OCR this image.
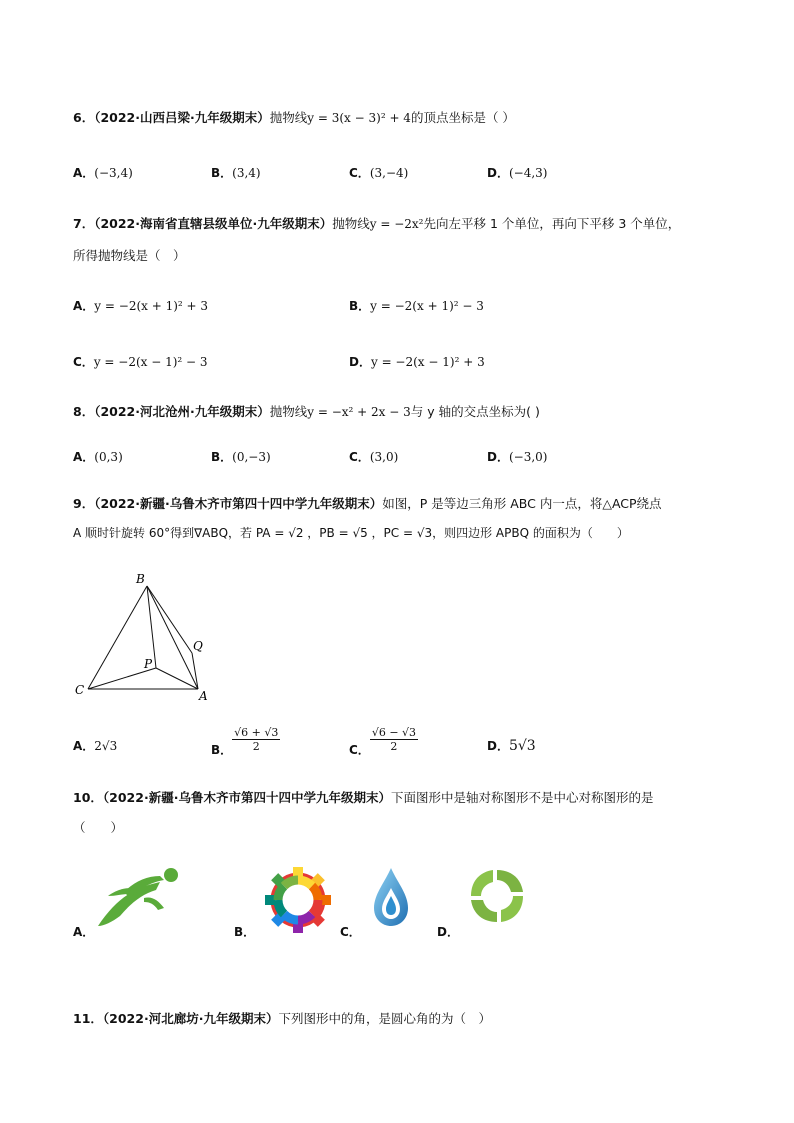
6．（2022·山西吕梁·九年级期末）抛物线y = 3(x − 3)² + 4的顶点坐标是（ ）
A．(−3,4)	B．(3,4)	C．(3,−4)	D．(−4,3)
7．（2022·海南省直辖县级单位·九年级期末）抛物线y = −2x²先向左平移 1 个单位，再向下平移 3 个单位，
所得抛物线是（　）
A．y = −2(x + 1)² + 3	B．y = −2(x + 1)² − 3
C．y = −2(x − 1)² − 3	D．y = −2(x − 1)² + 3
8．（2022·河北沧州·九年级期末）抛物线y = −x² + 2x − 3与 y 轴的交点坐标为( )
A．(0,3)	B．(0,−3)	C．(3,0)	D．(−3,0)
9．（2022·新疆·乌鲁木齐市第四十四中学九年级期末）如图，P 是等边三角形 ABC 内一点，将△ACP绕点
A 顺时针旋转 60°得到∇ABQ，若 PA = √2 ，PB = √5 ，PC = √3，则四边形 APBQ 的面积为（　　）
B
Q
P
C	A
A．2√3	B． $\frac{√6 + √3}{2}$	C． $\frac{√6 - √3}{2}$	D．5√3
10．（2022·新疆·乌鲁木齐市第四十四中学九年级期末）下面图形中是轴对称图形不是中心对称图形的是
（　　）
A．	B．	C．	D．
11．（2022·河北廊坊·九年级期末）下列图形中的角，是圆心角的为（　）
